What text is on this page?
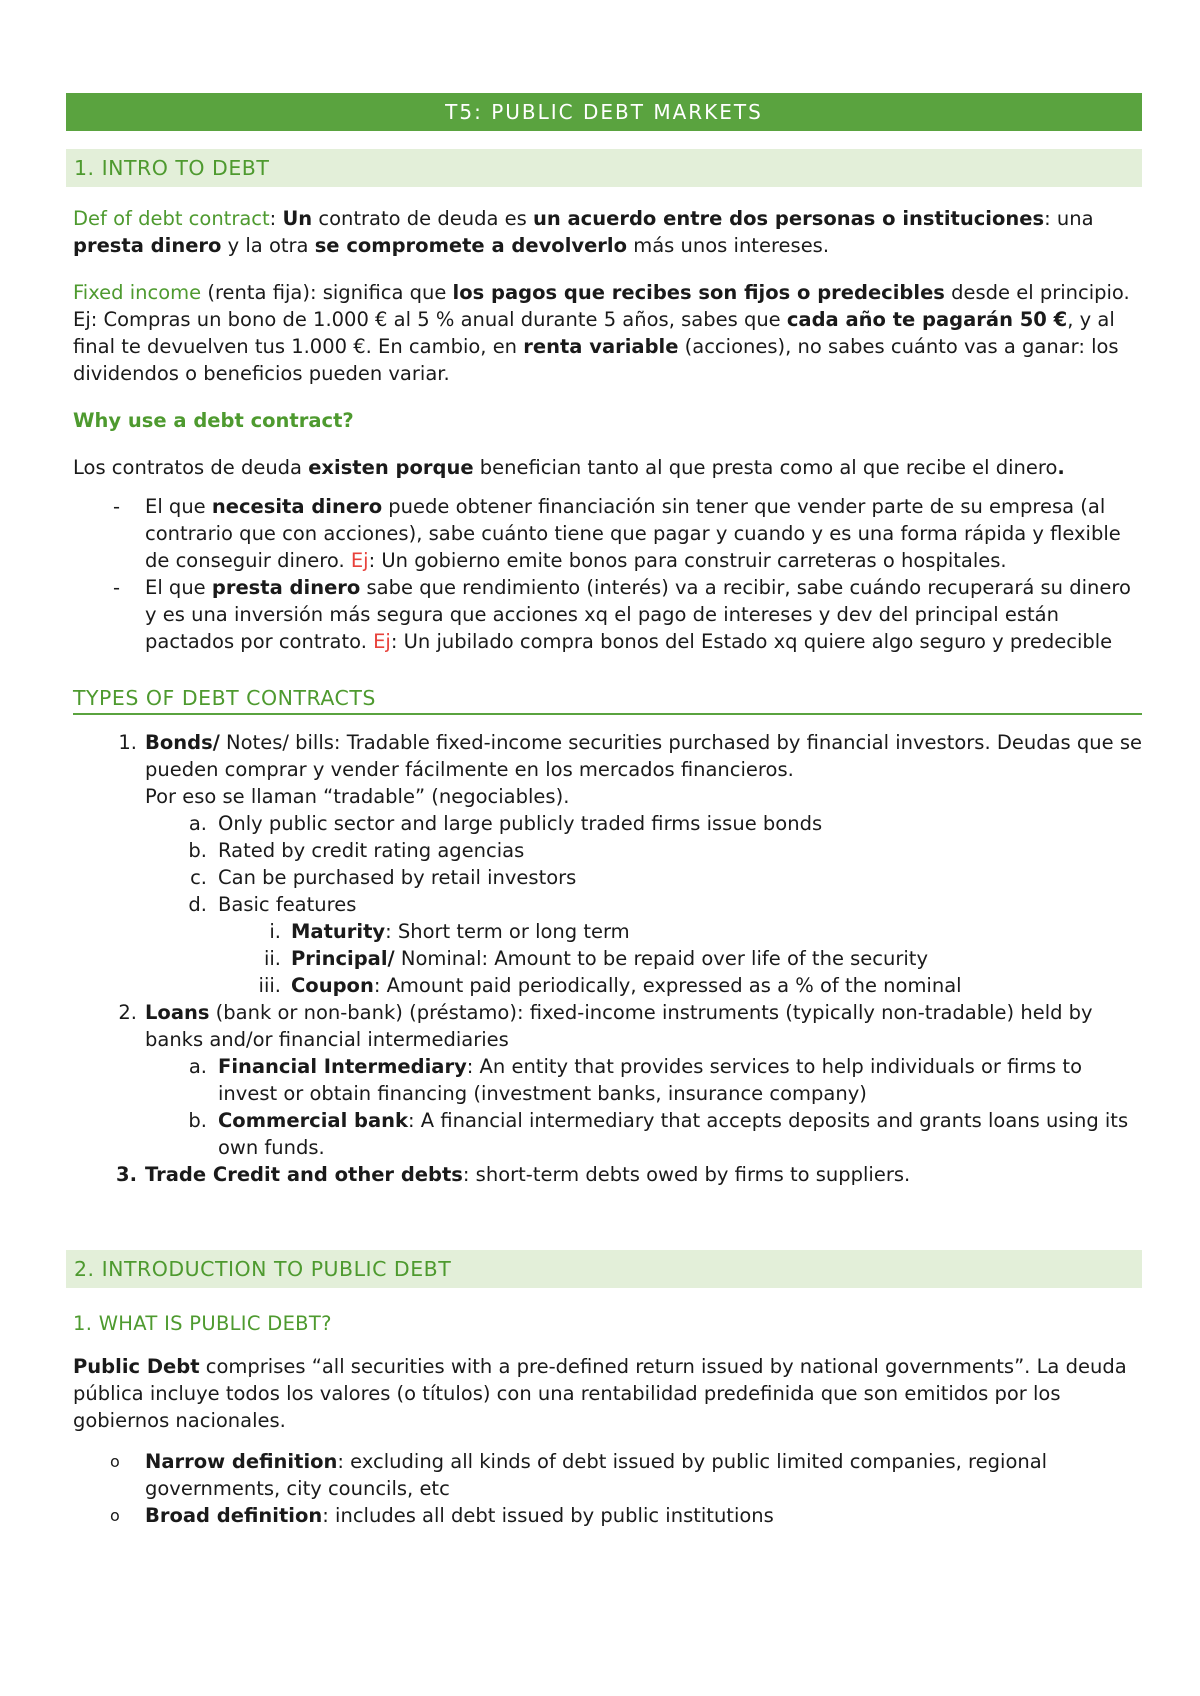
T5: PUBLIC DEBT MARKETS
1. INTRO TO DEBT

Def of debt contract: Un contrato de deuda es un acuerdo entre dos personas o instituciones: una presta dinero y la otra se compromete a devolverlo más unos intereses.

Fixed income (renta fija): significa que los pagos que recibes son fijos o predecibles desde el principio. Ej: Compras un bono de 1.000 € al 5 % anual durante 5 años, sabes que cada año te pagarán 50 €, y al final te devuelven tus 1.000 €. En cambio, en renta variable (acciones), no sabes cuánto vas a ganar: los dividendos o beneficios pueden variar.

Why use a debt contract?

Los contratos de deuda existen porque benefician tanto al que presta como al que recibe el dinero.

- El que necesita dinero puede obtener financiación sin tener que vender parte de su empresa (al contrario que con acciones), sabe cuánto tiene que pagar y cuando y es una forma rápida y flexible de conseguir dinero. Ej: Un gobierno emite bonos para construir carreteras o hospitales.
- El que presta dinero sabe que rendimiento (interés) va a recibir, sabe cuándo recuperará su dinero y es una inversión más segura que acciones xq el pago de intereses y dev del principal están pactados por contrato. Ej: Un jubilado compra bonos del Estado xq quiere algo seguro y predecible
TYPES OF DEBT CONTRACTS
1. Bonds/ Notes/ bills: Tradable fixed-income securities purchased by financial investors. Deudas que se pueden comprar y vender fácilmente en los mercados financieros.
Por eso se llaman “tradable” (negociables).
a. Only public sector and large publicly traded firms issue bonds
b. Rated by credit rating agencias
c. Can be purchased by retail investors
d. Basic features
i. Maturity: Short term or long term
ii. Principal/ Nominal: Amount to be repaid over life of the security
iii. Coupon: Amount paid periodically, expressed as a % of the nominal
2. Loans (bank or non-bank) (préstamo): fixed-income instruments (typically non-tradable) held by banks and/or financial intermediaries
a. Financial Intermediary: An entity that provides services to help individuals or firms to invest or obtain financing (investment banks, insurance company)
b. Commercial bank: A financial intermediary that accepts deposits and grants loans using its own funds.
3. Trade Credit and other debts: short-term debts owed by firms to suppliers.
2. INTRODUCTION TO PUBLIC DEBT

1. WHAT IS PUBLIC DEBT?

Public Debt comprises “all securities with a pre-defined return issued by national governments”. La deuda pública incluye todos los valores (o títulos) con una rentabilidad predefinida que son emitidos por los gobiernos nacionales.

o Narrow definition: excluding all kinds of debt issued by public limited companies, regional governments, city councils, etc
o Broad definition: includes all debt issued by public institutions
